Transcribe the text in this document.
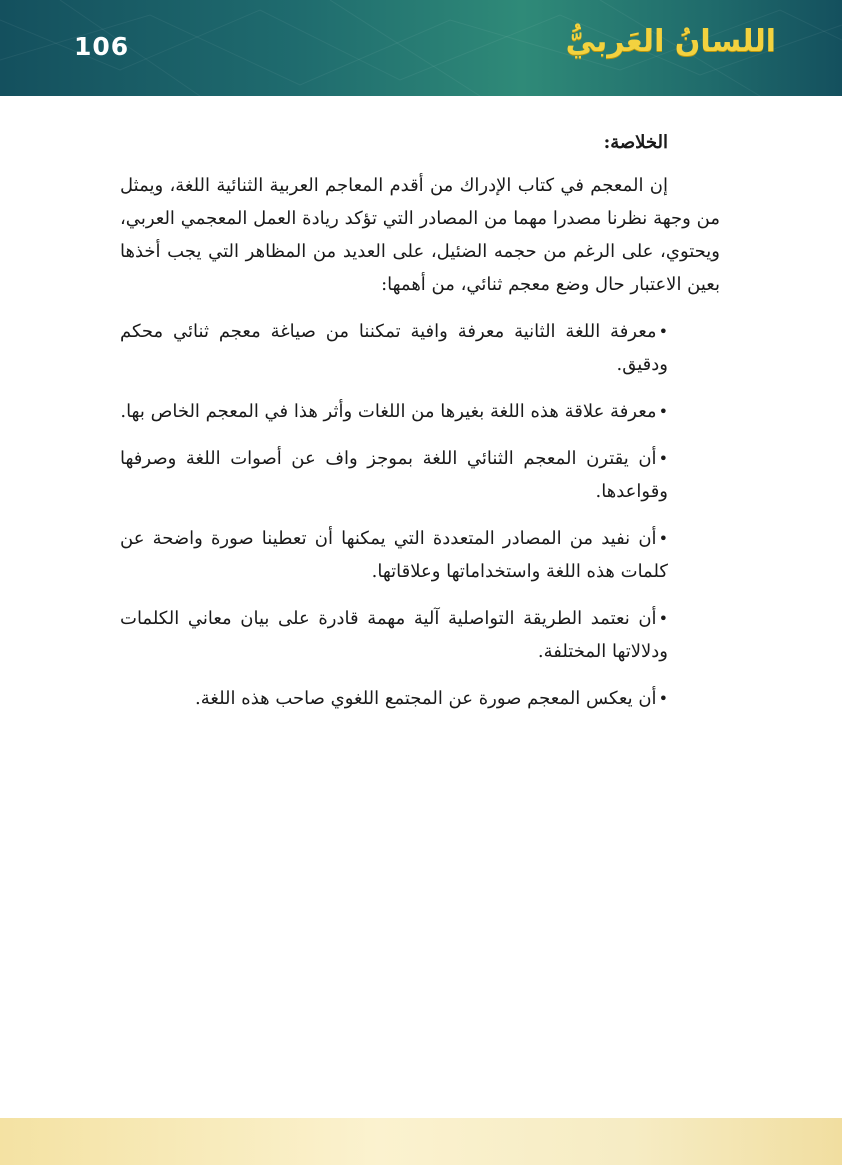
106	اللسانُ العَربيُّ
الخلاصة:

إن المعجم في كتاب الإدراك من أقدم المعاجم العربية الثنائية اللغة، ويمثل من وجهة نظرنا مصدرا مهما من المصادر التي تؤكد ريادة العمل المعجمي العربي، ويحتوي، على الرغم من حجمه الضئيل، على العديد من المظاهر التي يجب أخذها بعين الاعتبار حال وضع معجم ثنائي، من أهمها:

•معرفة اللغة الثانية معرفة وافية تمكننا من صياغة معجم ثنائي محكم ودقيق.
•معرفة علاقة هذه اللغة بغيرها من اللغات وأثر هذا في المعجم الخاص بها.
•أن يقترن المعجم الثنائي اللغة بموجز واف عن أصوات اللغة وصرفها وقواعدها.
•أن نفيد من المصادر المتعددة التي يمكنها أن تعطينا صورة واضحة عن كلمات هذه اللغة واستخداماتها وعلاقاتها.
•أن نعتمد الطريقة التواصلية آلية مهمة قادرة على بيان معاني الكلمات ودلالاتها المختلفة.
•أن يعكس المعجم صورة عن المجتمع اللغوي صاحب هذه اللغة.
